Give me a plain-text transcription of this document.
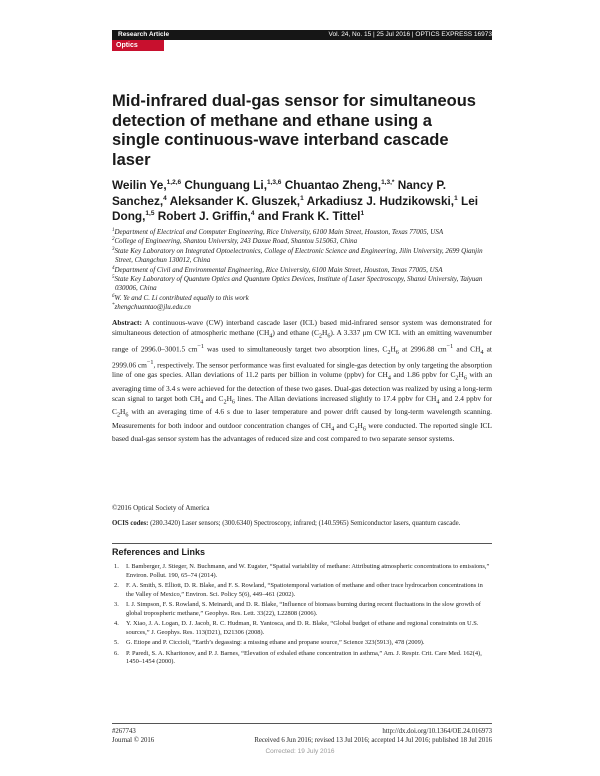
Research Article	Vol. 24, No. 15 | 25 Jul 2016 | OPTICS EXPRESS 16973
Optics EXPRESS
Mid-infrared dual-gas sensor for simultaneous detection of methane and ethane using a single continuous-wave interband cascade laser
Weilin Ye,$^{1,2,6}$ Chunguang Li,$^{1,3,6}$ Chuantao Zheng,$^{1,3,*}$ Nancy P. Sanchez,$^4$ Aleksander K. Gluszek,$^1$ Arkadiusz J. Hudzikowski,$^1$ Lei Dong,$^{1,5}$ Robert J. Griffin,$^4$ and Frank K. Tittel$^1$

$^1$Department of Electrical and Computer Engineering, Rice University, 6100 Main Street, Houston, Texas 77005, USA

$^2$College of Engineering, Shantou University, 243 Daxue Road, Shantou 515063, China

$^3$State Key Laboratory on Integrated Optoelectronics, College of Electronic Science and Engineering, Jilin University, 2699 Qianjin Street, Changchun 130012, China

$^4$Department of Civil and Environmental Engineering, Rice University, 6100 Main Street, Houston, Texas 77005, USA

$^5$State Key Laboratory of Quantum Optics and Quantum Optics Devices, Institute of Laser Spectroscopy, Shanxi University, Taiyuan 030006, China

$^6$W. Ye and C. Li contributed equally to this work

*zhengchuantao@jlu.edu.cn

Abstract: A continuous-wave (CW) interband cascade laser (ICL) based mid-infrared sensor system was demonstrated for simultaneous detection of atmospheric methane $(CH_4)$ and ethane $(C_2H_6)$. A 3.337 μm CW ICL with an emitting wavenumber range of 2996.0–3001.5 $cm^{-1}$ was used to simultaneously target two absorption lines, $C_2H_6$ at 2996.88 $cm^{-1}$ and $CH_4$ at 2999.06 $cm^{-1}$, respectively. The sensor performance was first evaluated for single-gas detection by only targeting the absorption line of one gas species. Allan deviations of 11.2 parts per billion in volume (ppbv) for $CH_4$ and 1.86 ppbv for $C_2H_6$ with an averaging time of 3.4 s were achieved for the detection of these two gases. Dual-gas detection was realized by using a long-term scan signal to target both $CH_4$ and $C_2H_6$ lines. The Allan deviations increased slightly to 17.4 ppbv for $CH_4$ and 2.4 ppbv for $C_2H_6$ with an averaging time of 4.6 s due to laser temperature and power drift caused by long-term wavelength scanning. Measurements for both indoor and outdoor concentration changes of $CH_4$ and $C_2H_6$ were conducted. The reported single ICL based dual-gas sensor system has the advantages of reduced size and cost compared to two separate sensor systems.
©2016 Optical Society of America
OCIS codes: (280.3420) Laser sensors; (300.6340) Spectroscopy, infrared; (140.5965) Semiconductor lasers, quantum cascade.
References and Links
1. I. Bamberger, J. Stieger, N. Buchmann, and W. Eugster, “Spatial variability of methane: Attributing atmospheric concentrations to emissions,” Environ. Pollut. 190, 65–74 (2014).
2. F. A. Smith, S. Elliott, D. R. Blake, and F. S. Rowland, “Spatiotemporal variation of methane and other trace hydrocarbon concentrations in the Valley of Mexico,” Environ. Sci. Policy 5(6), 449–461 (2002).
3. I. J. Simpson, F. S. Rowland, S. Meinardi, and D. R. Blake, “Influence of biomass burning during recent fluctuations in the slow growth of global tropospheric methane,” Geophys. Res. Lett. 33(22), L22808 (2006).
4. Y. Xiao, J. A. Logan, D. J. Jacob, R. C. Hudman, R. Yantosca, and D. R. Blake, “Global budget of ethane and regional constraints on U.S. sources,” J. Geophys. Res. 113(D21), D21306 (2008).
5. G. Etiope and P. Ciccioli, “Earth’s degassing: a missing ethane and propane source,” Science 323(5913), 478 (2009).
6. P. Paredi, S. A. Kharitonov, and P. J. Barnes, “Elevation of exhaled ethane concentration in asthma,” Am. J. Respir. Crit. Care Med. 162(4), 1450–1454 (2000).
#267743
Journal © 2016
http://dx.doi.org/10.1364/OE.24.016973
Received 6 Jun 2016; revised 13 Jul 2016; accepted 14 Jul 2016; published 18 Jul 2016
Corrected: 19 July 2016
